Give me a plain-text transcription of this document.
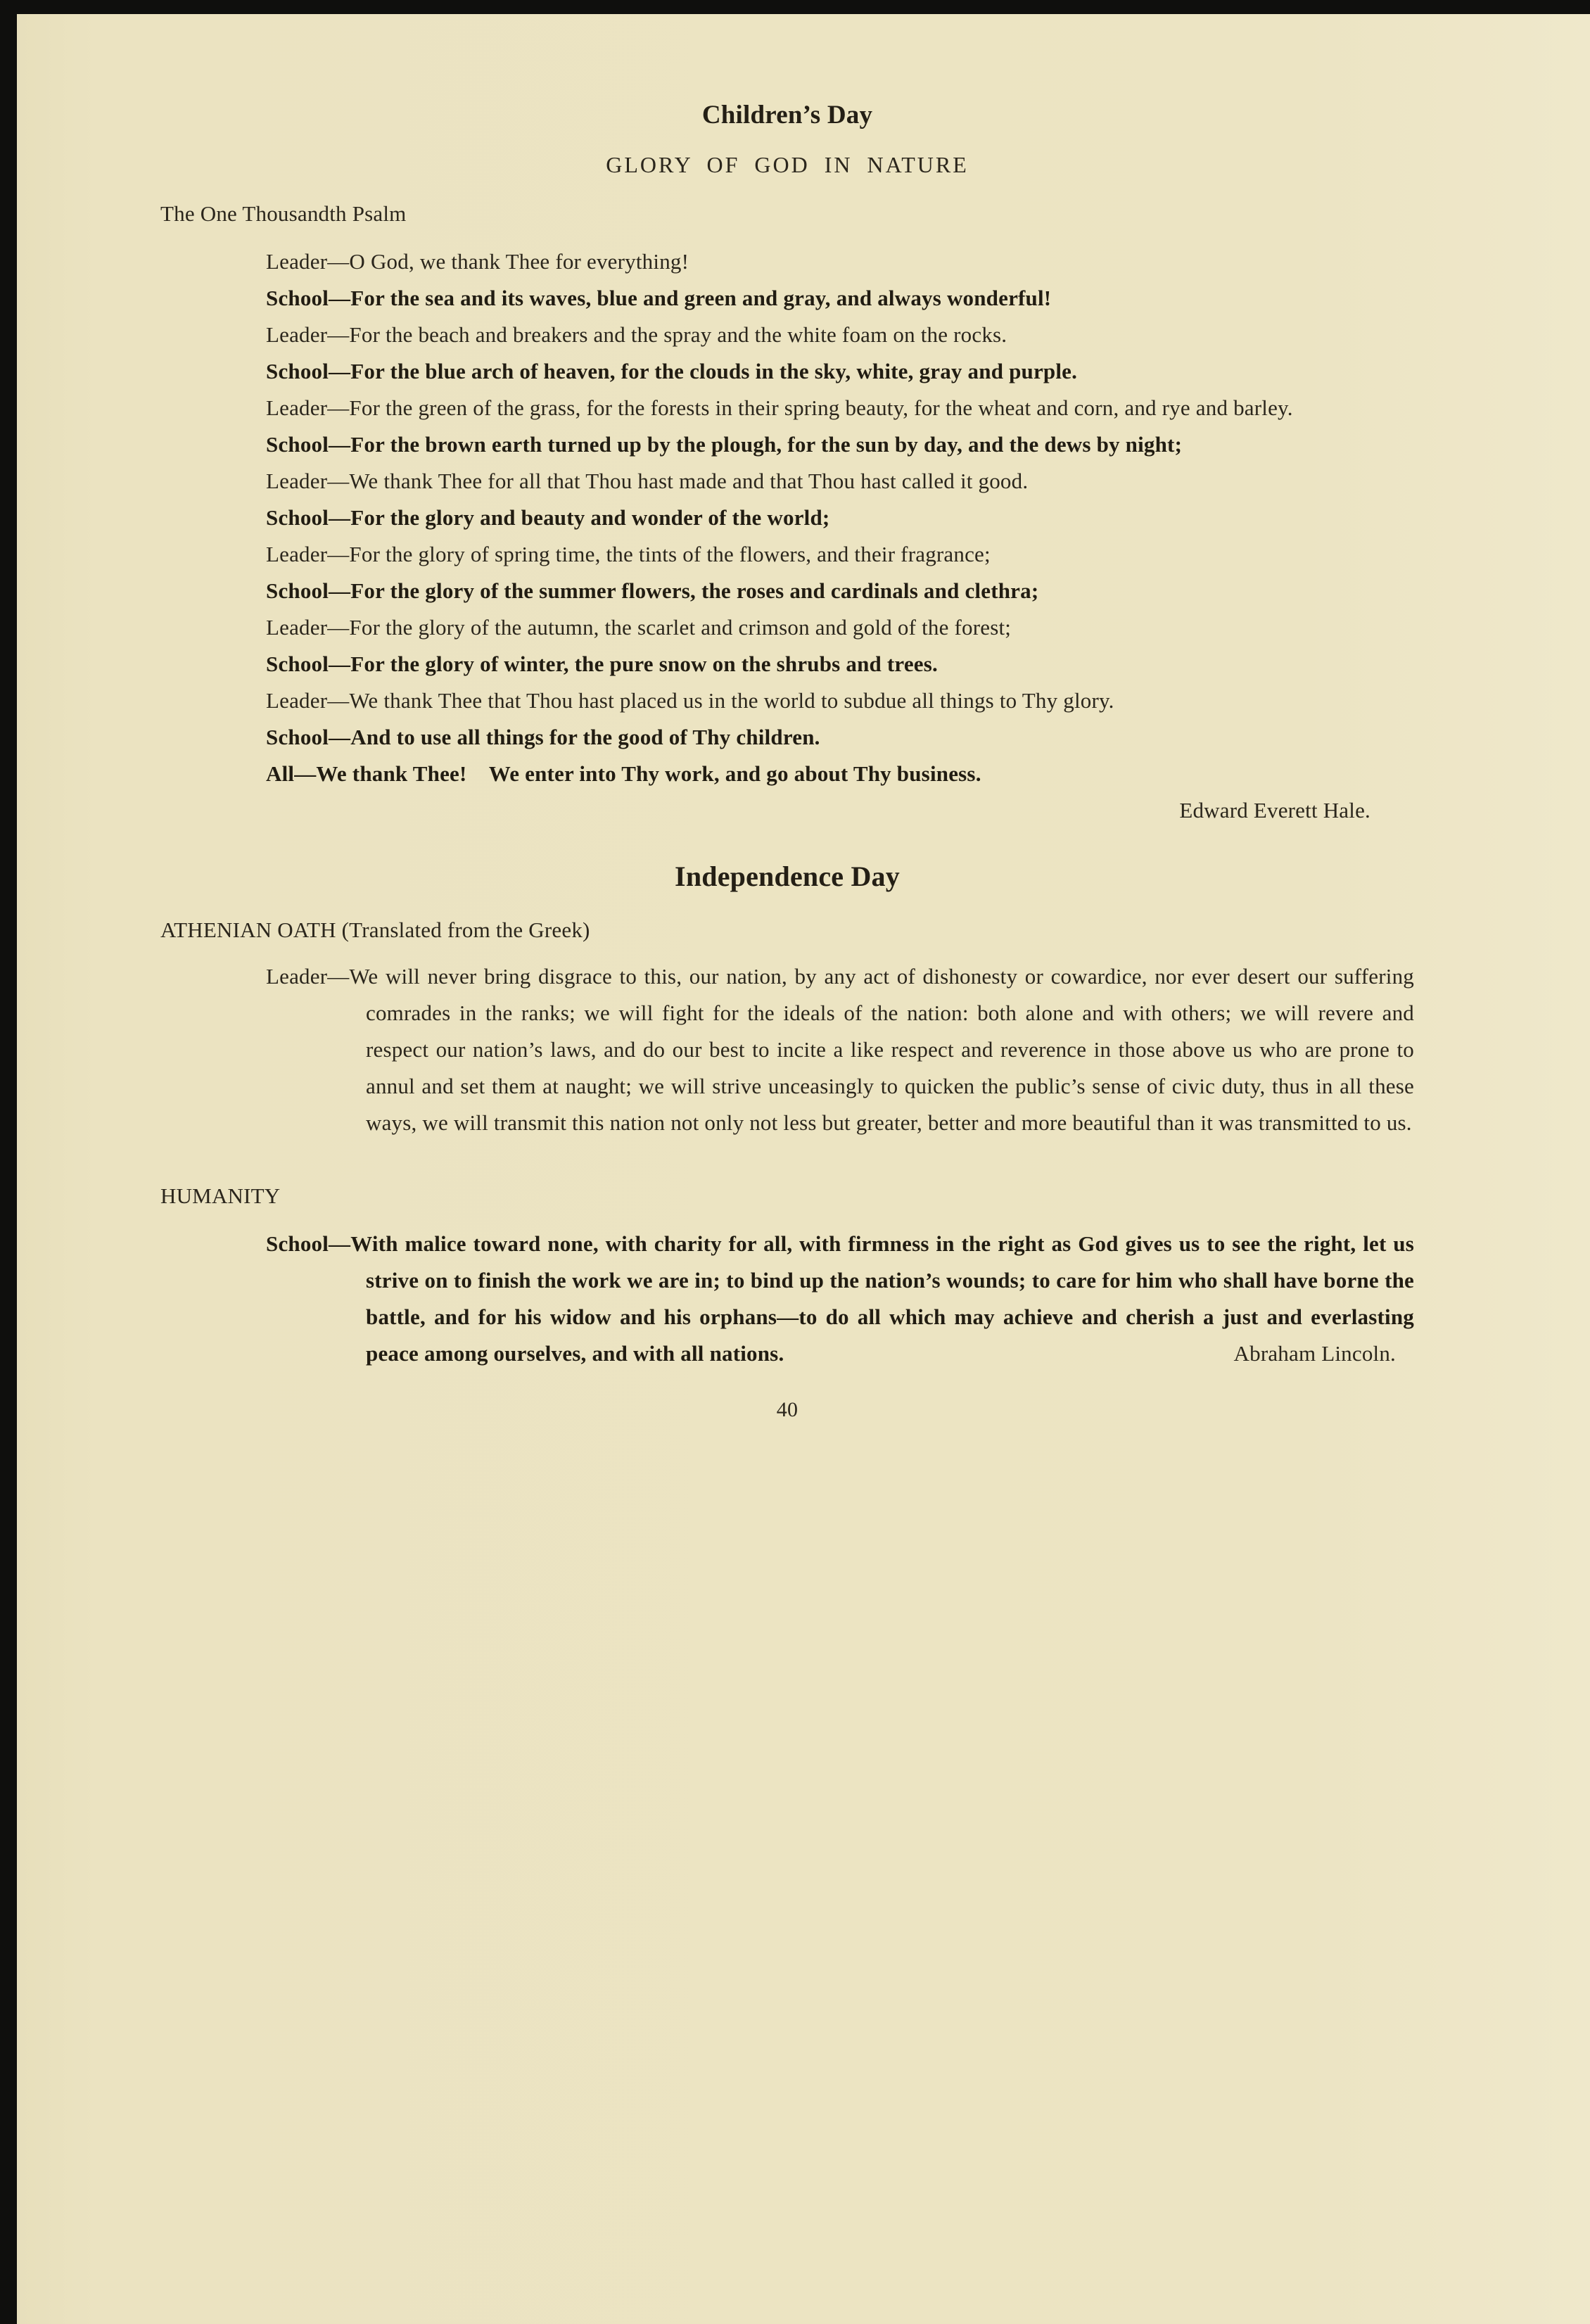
Children’s Day
GLORY OF GOD IN NATURE
The One Thousandth Psalm

Leader—O God, we thank Thee for everything!

School—For the sea and its waves, blue and green and gray, and always wonderful!

Leader—For the beach and breakers and the spray and the white foam on the rocks.

School—For the blue arch of heaven, for the clouds in the sky, white, gray and purple.

Leader—For the green of the grass, for the forests in their spring beauty, for the wheat and corn, and rye and barley.

School—For the brown earth turned up by the plough, for the sun by day, and the dews by night;

Leader—We thank Thee for all that Thou hast made and that Thou hast called it good.

School—For the glory and beauty and wonder of the world;

Leader—For the glory of spring time, the tints of the flowers, and their fragrance;

School—For the glory of the summer flowers, the roses and cardinals and clethra;

Leader—For the glory of the autumn, the scarlet and crimson and gold of the forest;

School—For the glory of winter, the pure snow on the shrubs and trees.

Leader—We thank Thee that Thou hast placed us in the world to subdue all things to Thy glory.

School—And to use all things for the good of Thy children.

All—We thank Thee! We enter into Thy work, and go about Thy business.

Edward Everett Hale.

Independence Day
ATHENIAN OATH (Translated from the Greek)

Leader—We will never bring disgrace to this, our nation, by any act of dishonesty or cowardice, nor ever desert our suffering comrades in the ranks; we will fight for the ideals of the nation: both alone and with others; we will revere and respect our nation’s laws, and do our best to incite a like respect and reverence in those above us who are prone to annul and set them at naught; we will strive unceasingly to quicken the public’s sense of civic duty, thus in all these ways, we will transmit this nation not only not less but greater, better and more beautiful than it was transmitted to us.

HUMANITY

School—With malice toward none, with charity for all, with firmness in the right as God gives us to see the right, let us strive on to finish the work we are in; to bind up the nation’s wounds; to care for him who shall have borne the battle, and for his widow and his orphans—to do all which may achieve and cherish a just and everlasting peace among ourselves, and with all nations.	Abraham Lincoln.

40
